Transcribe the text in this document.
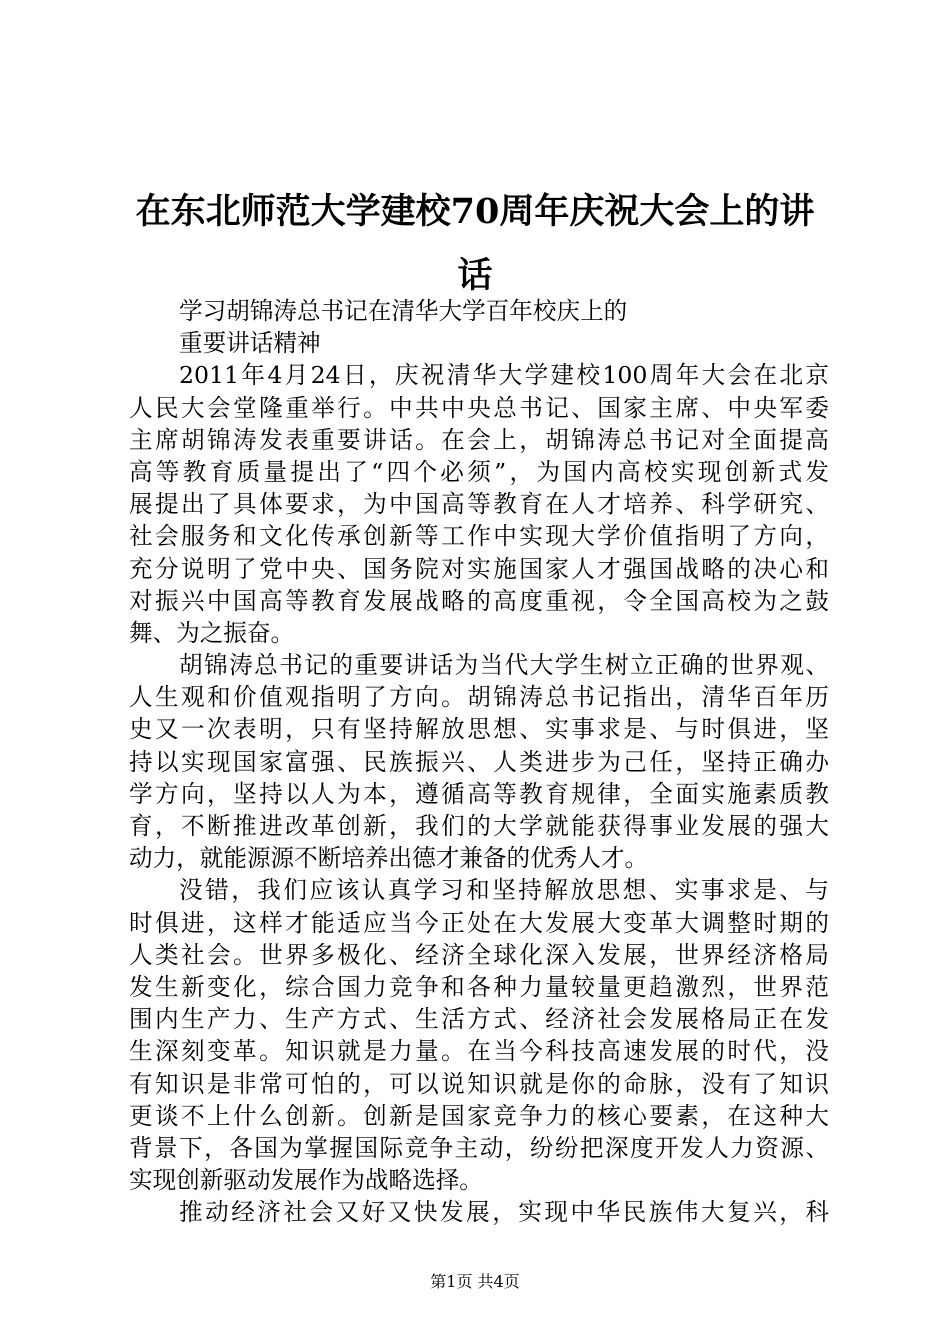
在东北师范大学建校70周年庆祝大会上的讲
话
学习胡锦涛总书记在清华大学百年校庆上的
重要讲话精神
2011年4月24日，庆祝清华大学建校100周年大会在北京
人民大会堂隆重举行。中共中央总书记、国家主席、中央军委
主席胡锦涛发表重要讲话。在会上，胡锦涛总书记对全面提高
高等教育质量提出了“四个必须”，为国内高校实现创新式发
展提出了具体要求，为中国高等教育在人才培养、科学研究、
社会服务和文化传承创新等工作中实现大学价值指明了方向，
充分说明了党中央、国务院对实施国家人才强国战略的决心和
对振兴中国高等教育发展战略的高度重视，令全国高校为之鼓
舞、为之振奋。
胡锦涛总书记的重要讲话为当代大学生树立正确的世界观、
人生观和价值观指明了方向。胡锦涛总书记指出，清华百年历
史又一次表明，只有坚持解放思想、实事求是、与时俱进，坚
持以实现国家富强、民族振兴、人类进步为己任，坚持正确办
学方向，坚持以人为本，遵循高等教育规律，全面实施素质教
育，不断推进改革创新，我们的大学就能获得事业发展的强大
动力，就能源源不断培养出德才兼备的优秀人才。
没错，我们应该认真学习和坚持解放思想、实事求是、与
时俱进，这样才能适应当今正处在大发展大变革大调整时期的
人类社会。世界多极化、经济全球化深入发展，世界经济格局
发生新变化，综合国力竞争和各种力量较量更趋激烈，世界范
围内生产力、生产方式、生活方式、经济社会发展格局正在发
生深刻变革。知识就是力量。在当今科技高速发展的时代，没
有知识是非常可怕的，可以说知识就是你的命脉，没有了知识
更谈不上什么创新。创新是国家竞争力的核心要素，在这种大
背景下，各国为掌握国际竞争主动，纷纷把深度开发人力资源、
实现创新驱动发展作为战略选择。
推动经济社会又好又快发展，实现中华民族伟大复兴，科
第1页 共4页
